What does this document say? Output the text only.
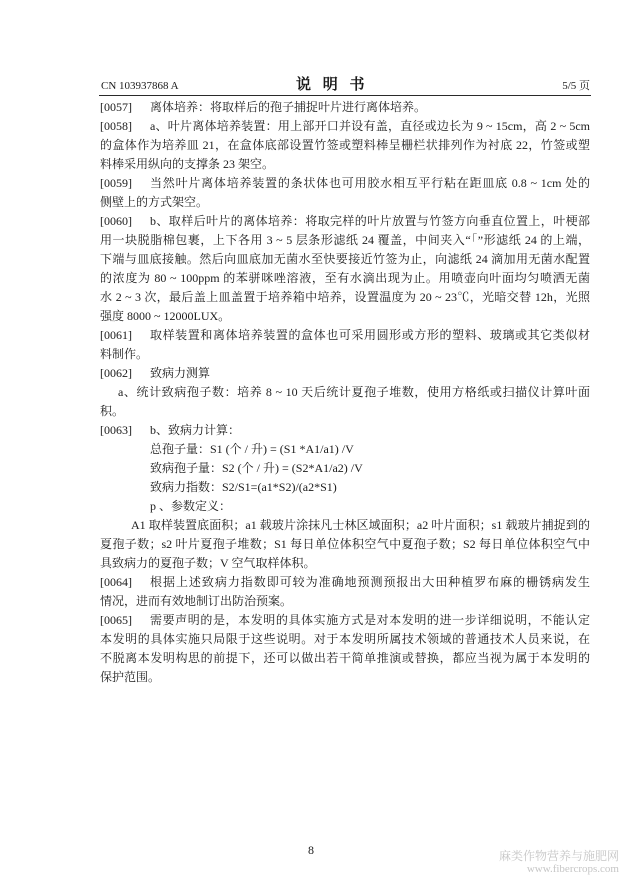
CN 103937868 A	说 明 书	5/5 页
[0057] 离体培养：将取样后的孢子捕捉叶片进行离体培养。
[0058] a、叶片离体培养装置：用上部开口并设有盖，直径或边长为 9 ~ 15cm，高 2 ~ 5cm
的盒体作为培养皿 21，在盒体底部设置竹签或塑料棒呈栅栏状排列作为衬底 22，竹签或塑
料棒采用纵向的支撑条 23 架空。
[0059] 当然叶片离体培养装置的条状体也可用胶水相互平行粘在距皿底 0.8 ~ 1cm 处的
侧壁上的方式架空。
[0060] b、取样后叶片的离体培养：将取完样的叶片放置与竹签方向垂直位置上，叶梗部
用一块脱脂棉包裹，上下各用 3 ~ 5 层条形滤纸 24 覆盖，中间夹入“「”形滤纸 24 的上端，
下端与皿底接触。然后向皿底加无菌水至快要接近竹签为止，向滤纸 24 滴加用无菌水配置
的浓度为 80 ~ 100ppm 的苯骈咪唑溶液，至有水滴出现为止。用喷壶向叶面均匀喷洒无菌
水 2 ~ 3 次，最后盖上皿盖置于培养箱中培养，设置温度为 20 ~ 23℃，光暗交替 12h，光照
强度 8000 ~ 12000LUX。
[0061] 取样装置和离体培养装置的盒体也可采用圆形或方形的塑料、玻璃或其它类似材
料制作。
[0062] 致病力测算
a、统计致病孢子数：培养 8 ~ 10 天后统计夏孢子堆数，使用方格纸或扫描仪计算叶面
积。
[0063] b、致病力计算：
总孢子量：S1 (个 / 升) = (S1 *A1/a1) /V
致病孢子量：S2 (个 / 升) = (S2*A1/a2) /V
致病力指数：S2/S1=(a1*S2)/(a2*S1)
p 、参数定义：
A1 取样装置底面积；a1 载玻片涂抹凡士林区域面积；a2 叶片面积；s1 载玻片捕捉到的
夏孢子数；s2 叶片夏孢子堆数；S1 每日单位体积空气中夏孢子数；S2 每日单位体积空气中
具致病力的夏孢子数；V 空气取样体积。
[0064] 根据上述致病力指数即可较为准确地预测预报出大田种植罗布麻的栅锈病发生
情况，进而有效地制订出防治预案。
[0065] 需要声明的是，本发明的具体实施方式是对本发明的进一步详细说明，不能认定
本发明的具体实施只局限于这些说明。对于本发明所属技术领域的普通技术人员来说，在
不脱离本发明构思的前提下，还可以做出若干简单推演或替换，都应当视为属于本发明的
保护范围。
8	麻类作物营养与施肥网
www.fibercrops.com
